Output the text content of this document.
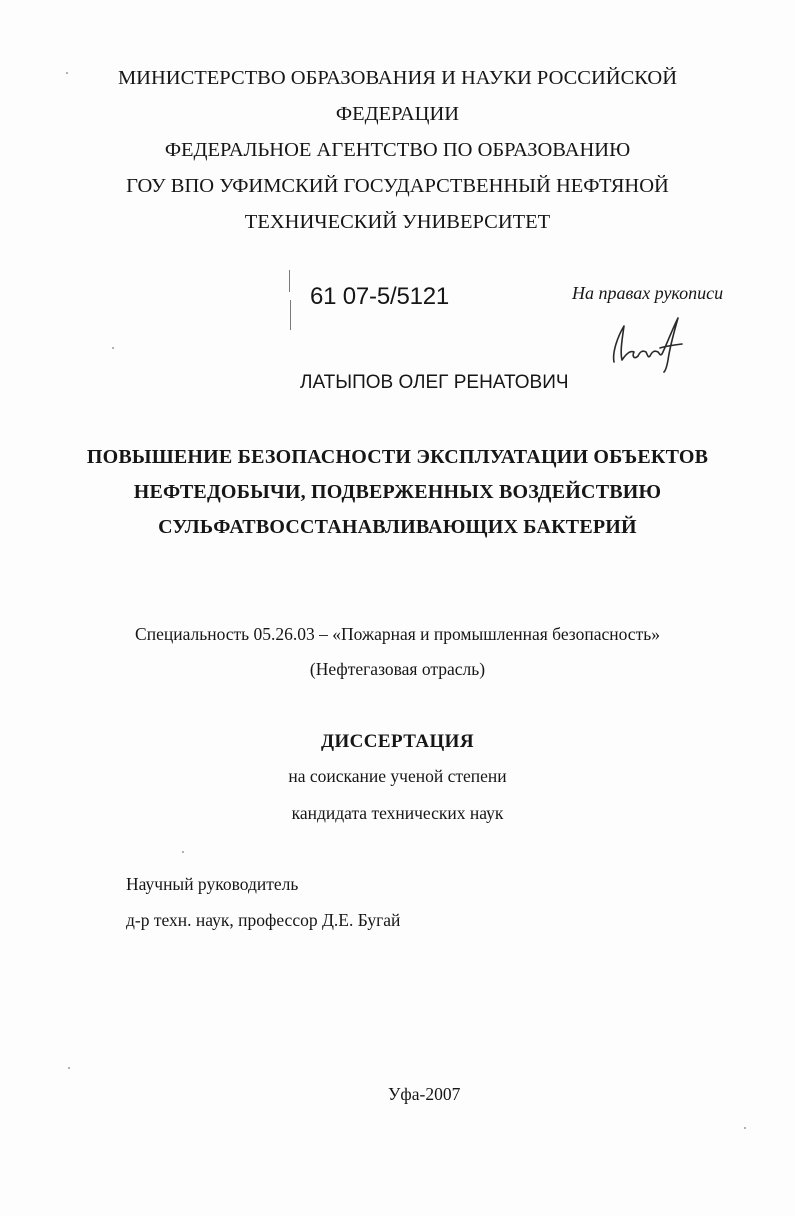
МИНИСТЕРСТВО ОБРАЗОВАНИЯ И НАУКИ РОССИЙСКОЙ
ФЕДЕРАЦИИ
ФЕДЕРАЛЬНОЕ АГЕНТСТВО ПО ОБРАЗОВАНИЮ
ГОУ ВПО УФИМСКИЙ ГОСУДАРСТВЕННЫЙ НЕФТЯНОЙ
ТЕХНИЧЕСКИЙ УНИВЕРСИТЕТ
61 07-5/5121	На правах рукописи
ЛАТЫПОВ ОЛЕГ РЕНАТОВИЧ
ПОВЫШЕНИЕ БЕЗОПАСНОСТИ ЭКСПЛУАТАЦИИ ОБЪЕКТОВ
НЕФТЕДОБЫЧИ, ПОДВЕРЖЕННЫХ ВОЗДЕЙСТВИЮ
СУЛЬФАТВОССТАНАВЛИВАЮЩИХ БАКТЕРИЙ
Специальность 05.26.03 – «Пожарная и промышленная безопасность»
(Нефтегазовая отрасль)
ДИССЕРТАЦИЯ
на соискание ученой степени
кандидата технических наук
Научный руководитель
д-р техн. наук, профессор Д.Е. Бугай
Уфа-2007
